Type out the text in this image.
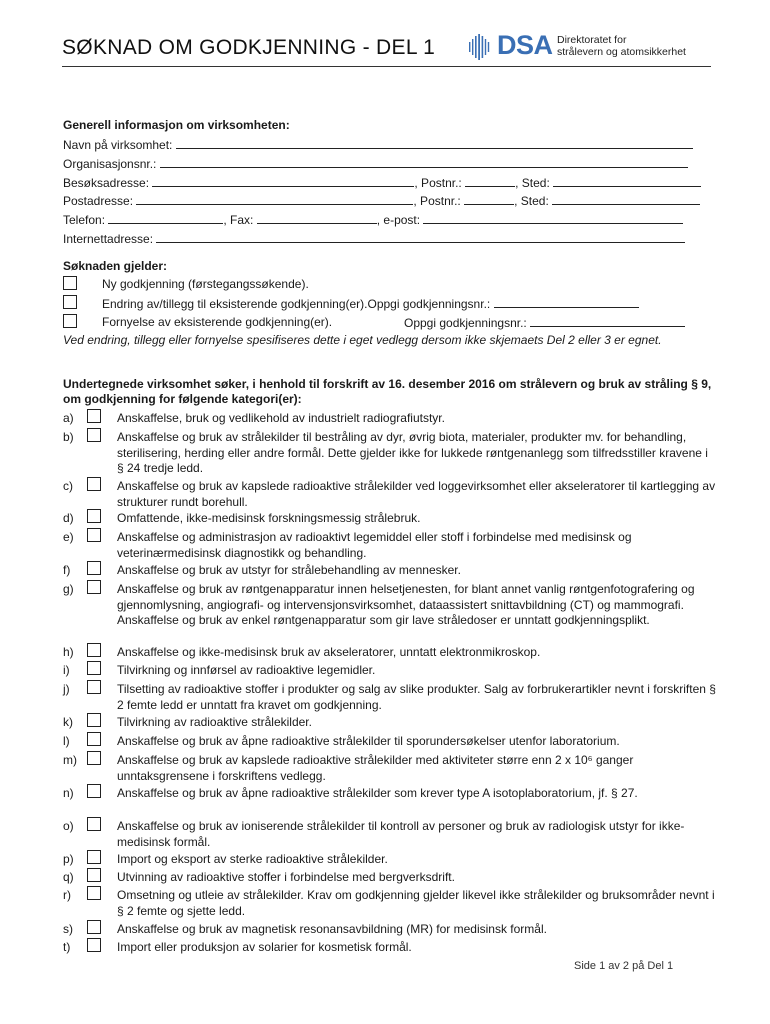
SØKNAD OM GODKJENNING - DEL 1 DSA Direktoratet for
strålevern og atomsikkerhet
Generell informasjon om virksomheten:
Navn på virksomhet:
Organisasjonsnr.:
Besøksadresse:	, Postnr.:	, Sted:
Postadresse:	, Postnr.:	, Sted:
Telefon:	, Fax:	, e-post:
Internettadresse:
Søknaden gjelder:
Ny godkjenning (førstegangssøkende).
Endring av/tillegg til eksisterende godkjenning(er).Oppgi godkjenningsnr.:
Fornyelse av eksisterende godkjenning(er).	Oppgi godkjenningsnr.:
Ved endring, tillegg eller fornyelse spesifiseres dette i eget vedlegg dersom ikke skjemaets Del 2 eller 3 er egnet.
Undertegnede virksomhet søker, i henhold til forskrift av 16. desember 2016 om strålevern og bruk av stråling § 9, om godkjenning for følgende kategori(er):
a)	Anskaffelse, bruk og vedlikehold av industrielt radiografiutstyr.
b)	Anskaffelse og bruk av strålekilder til bestråling av dyr, øvrig biota, materialer, produkter mv. for behandling, sterilisering, herding eller andre formål. Dette gjelder ikke for lukkede røntgenanlegg som tilfredsstiller kravene i § 24 tredje ledd.
c)	Anskaffelse og bruk av kapslede radioaktive strålekilder ved loggevirksomhet eller akseleratorer til kartlegging av strukturer rundt borehull.
d)	Omfattende, ikke-medisinsk forskningsmessig strålebruk.
e)	Anskaffelse og administrasjon av radioaktivt legemiddel eller stoff i forbindelse med medisinsk og veterinærmedisinsk diagnostikk og behandling.
f)	Anskaffelse og bruk av utstyr for strålebehandling av mennesker.
g)	Anskaffelse og bruk av røntgenapparatur innen helsetjenesten, for blant annet vanlig røntgenfotografering og gjennomlysning, angiografi- og intervensjonsvirksomhet, dataassistert snittavbildning (CT) og mammografi. Anskaffelse og bruk av enkel røntgenapparatur som gir lave stråledoser er unntatt godkjenningsplikt.
h)	Anskaffelse og ikke-medisinsk bruk av akseleratorer, unntatt elektronmikroskop.
i)	Tilvirkning og innførsel av radioaktive legemidler.
j)	Tilsetting av radioaktive stoffer i produkter og salg av slike produkter. Salg av forbrukerartikler nevnt i forskriften § 2 femte ledd er unntatt fra kravet om godkjenning.
k)	Tilvirkning av radioaktive strålekilder.
l)	Anskaffelse og bruk av åpne radioaktive strålekilder til sporundersøkelser utenfor laboratorium.
m)	Anskaffelse og bruk av kapslede radioaktive strålekilder med aktiviteter større enn 2 x 10⁶ ganger unntaksgrensene i forskriftens vedlegg.
n)	Anskaffelse og bruk av åpne radioaktive strålekilder som krever type A isotoplaboratorium, jf. § 27.
o)	Anskaffelse og bruk av ioniserende strålekilder til kontroll av personer og bruk av radiologisk utstyr for ikke-medisinsk formål.
p)	Import og eksport av sterke radioaktive strålekilder.
q)	Utvinning av radioaktive stoffer i forbindelse med bergverksdrift.
r)	Omsetning og utleie av strålekilder. Krav om godkjenning gjelder likevel ikke strålekilder og bruksområder nevnt i § 2 femte og sjette ledd.
s)	Anskaffelse og bruk av magnetisk resonansavbildning (MR) for medisinsk formål.
t)	Import eller produksjon av solarier for kosmetisk formål.
Side 1 av 2 på Del 1
